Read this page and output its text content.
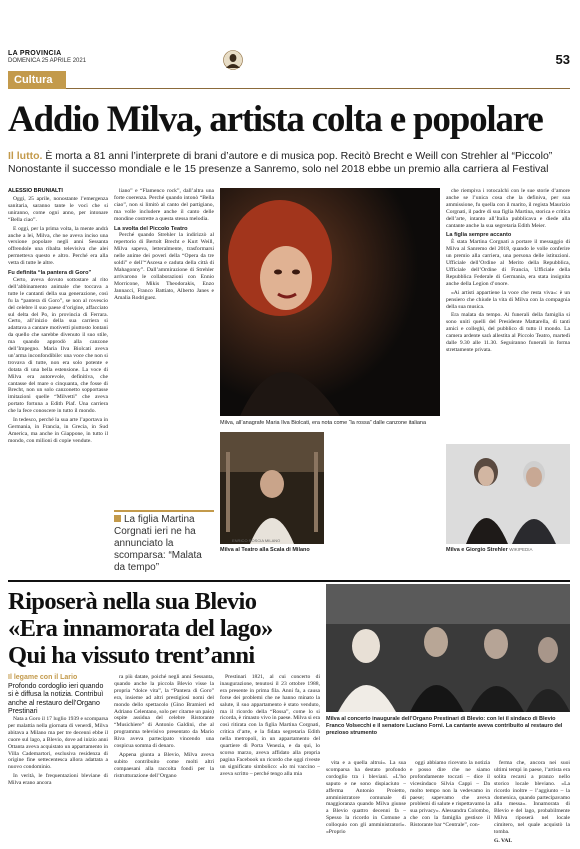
LA PROVINCIA
DOMENICA 25 APRILE 2021	53
Cultura
Addio Milva, artista colta e popolare
Il lutto. È morta a 81 anni l’interprete di brani d’autore e di musica pop. Recitò Brecht e Weill con Strehler al “Piccolo”
Nonostante il successo mondiale e le 15 presenze a Sanremo, solo nel 2018 ebbe un premio alla carriera al Festival
ALESSIO BRUNIALTI

Oggi, 25 aprile, nonostante l’emergenza sanitaria, saranno tante le voci che si uniranno, come ogni anno, per intonare “Bella ciao”.

E oggi, per la prima volta, la mente andrà anche a lei, Milva, che ne aveva inciso una versione popolare negli anni Sessanta offrendole una ribalta televisiva che alei permetteva questo e altro. Perché era alla vetta di tutte le altre.

Fu definita “la pantera di Goro”

Certo, aveva dovuto sottostare al rito dell’abbinamento animale che toccava a tutte le cantanti della sua generazione, così fu la “pantera di Goro”, se non al rovescio del celebre il suo paese d’origine, affacciato sul delta del Po, in provincia di Ferrara. Certo, all’inizio della sua carriera si adattava a cantare motivetti piuttosto lontani da quello che sarebbe divenuto il suo stile, ma quando approdò alla canzone dell’Impegno. Maria Ilva Biolcati aveva un’arma inconfondibile: una voce che non si trovava di tutte, non era solo potente e dotata di una bella estensione. La voce di Milva era autorevole, definitiva, che cantasse del mare o cinquanta, che fosse di Brecht, non un solo canzonetto sopportasse imitazioni quelle “Milvetti” che aveva portato fortuna a Edith Piaf. Una carriera che la fece conoscere in tutto il mondo.

In tedesco, perché la sua arte l’aportava in Germania, in Francia, in Grecia, in Sud America, ma anche in Giappone, in tutto il mondo, con milioni di copie vendute.

liano” e “Flamenco rock”, dall’altra una forte coerenza. Perché quando intonò “Bella ciao”, non si limitò al canto del partigiano, ma volle includere anche il canto delle mondine costrette a questa stessa melodia.

La svolta del Piccolo Teatro

Perché quando Strehler la indirizzò al repertorio di Bertolt Brecht e Kurt Weill, Milva sapeva, letteralmente, trasformarsi nelle anime dei poveri della “Opera da tre soldi” e dell’“Ascesa e caduta della città di Mahagonny”. Dall’ammirazione di Strehler arrivarono le collaborazioni con Ennio Morricone, Mikis Theodorakis, Enzo Jannacci, Franco Battiato, Alberto Janes e Amalia Rodriguez.

La figlia Martina Corgnati ieri ne ha annunciato la scomparsa: “Malata da tempo”
Milva, all’anagrafe Maria Ilva Biolcati, era nota come “la rossa” dalle canzone italiana

che riempiva i rotocalchi con le sue storie d’amore anche se l’unica cosa che la definiva, per sua ammissione, fu quella con il marito, il regista Maurizio Corgnati, il padre di sua figlia Martina, storica e critica dell’arte, intanto all’Italia pubblicava e diede alla cantante anche la sua segretaria Edith Meier.

La figlia sempre accanto

È stata Martina Corgnati a portare il messaggio di Milva al Sanremo del 2018, quando le volle conferire un premio alla carriera, una persona delle istituzioni. Ufficiale dell’Ordine al Merito della Repubblica, Ufficiale dell’Ordine di Francia, Ufficiale della Repubblica Federale di Germania, era stata insignita anche della Legion d’onore.

«Ai artisti appartiene la voce che resta viva»: è un pensiero che chiude la vita di Milva con la compagnia della sua musica.

Era malata da tempo. Ai funerali della famiglia si sono uniti quelli del Presidente Mattarella, di tanti amici e colleghi, del pubblico di tutto il mondo. La camera ardente sarà allestita al Piccolo Teatro, martedì dalle 9.30 alle 11.30. Seguiranno funerali in forma strettamente privata.

Milva al Teatro alla Scala di Milano
ENRICO ROSCIA MILANO
Milva e Giorgio Strehler WIKIPEDIA
Riposerà nella sua Blevio
«Era innamorata del lago»
Qui ha vissuto trent’anni
Il legame con il Lario
Profondo cordoglio ieri quando si è diffusa la notizia. Contribuì anche al restauro dell’Organo Prestinari
Milva al concerto inaugurale dell’Organo Prestinari di Blevio: con lei il sindaco di Blevio Franco Volsecchi e il senatore Luciano Forni. La cantante aveva contribuito al restauro del prezioso strumento

Nata a Goro il 17 luglio 1939 e scomparsa per malattia nella giornata di venerdì, Milva abitava a Milano ma per tre decenni ebbe il cuore sul lago, a Blevio, dove ad inizio anni Ottanta aveva acquistato un appartamento in Villa Cademartori, esclusiva residenza di origine fine settecentesca allora adattata a nuovo condominio.

In verità, le frequentazioni bleviane di Milva erano ancora

ra più datate, poiché negli anni Sessanta, quando anche la piccola Blevio visse la propria “dolce vita”, la “Pantera di Goro” era, insieme ad altri prestigiosi nomi del mondo dello spettacolo (Gino Bramieri ed Adriano Celentano, solo per citarne un paio) ospite assidua del celebre Ristorante “Musichiere” di Antonio Galdini, che al programma televisivo presentato da Mario Riva aveva partecipato vincendo una cospicua somma di denaro.

Appena giunta a Blevio, Milva aveva subito contribuito come molti altri compaesani alla raccolta fondi per la ristrutturazione dell’Organo

Prestinari 1821, al cui concerto di inaugurazione, tenutosi il 23 ottobre 1988, era presente in prima fila. Anni fa, a causa forse dei problemi che ne hanno minato la salute, il suo appartamento è stato venduto, ma il ricordo della “Rossa”, come lo si ricorda, è rimasto vivo in paese. Milva si era così ritirata con la figlia Martina Corgnati, critica d’arte, e la fidata segretaria Edith nella metropoli, in un appartamento del quartiere di Porta Venezia, e da qui, lo scorso marzo, aveva affidato alla propria pagina Facebook un ricordo che oggi riveste un significato simbolico: «Io mi vaccino – aveva scritto – perché tengo alla mia

vita e a quella altrui». La sua scomparsa ha destato profondo cordoglio tra i bleviani. «L’ho saputo e ne sono dispiaciuto – afferma Antonio Proietto, amministratore comunale di maggioranza quando Milva giunse a Blevio quattro decenni fa – Spesso la ricordo in Comune a colloquio con gli amministratori». «Proprio

oggi abbiamo ricevuto la notizia e posso dire che ne siamo profondamente toccati – dice il vicesindaco Silvia Cappi – Da molto tempo non la vedevamo in paese; sapevamo che aveva problemi di salute e rispettavamo la sua privacy». Alessandra Colombo, che con la famiglia gestisce il Ristorante bar “Centrale”, con-

ferma che, ancora nei suoi ultimi tempi in paese, l’artista era solita recarsi a pranzo nello storico locale bleviano. «La ricordo inoltre – l’aggiunto – la domenica, quando partecipavamo alla messa». Innamorata di Blevio e del lago, probabilmente Milva riposerà nel locale cimitero, nel quale acquistò la tomba.

G. VAL
